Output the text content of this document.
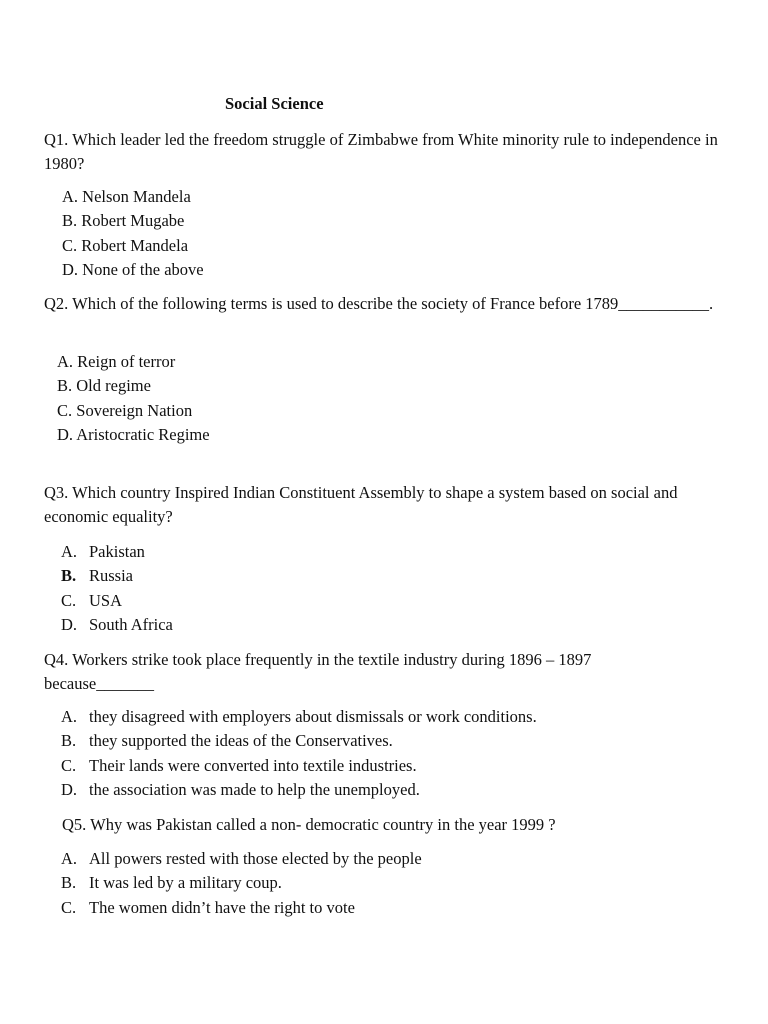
Social Science

Q1. Which leader led the freedom struggle of Zimbabwe from White minority rule to independence in 1980?

A. Nelson Mandela
B. Robert Mugabe
C. Robert Mandela
D. None of the above

Q2. Which of the following terms is used to describe the society of France before 1789___________.

A. Reign of terror
B. Old regime
C. Sovereign Nation
D. Aristocratic Regime

Q3. Which country Inspired Indian Constituent Assembly to shape a system based on social and economic equality?

A. Pakistan
B. Russia
C. USA
D. South Africa

Q4. Workers strike took place frequently in the textile industry during 1896 – 1897 because_______

A. they disagreed with employers about dismissals or work conditions.
B. they supported the ideas of the Conservatives.
C. Their lands were converted into textile industries.
D. the association was made to help the unemployed.

Q5. Why was Pakistan called a non- democratic country in the year 1999 ?

A. All powers rested with those elected by the people
B. It was led by a military coup.
C. The women didn’t have the right to vote
